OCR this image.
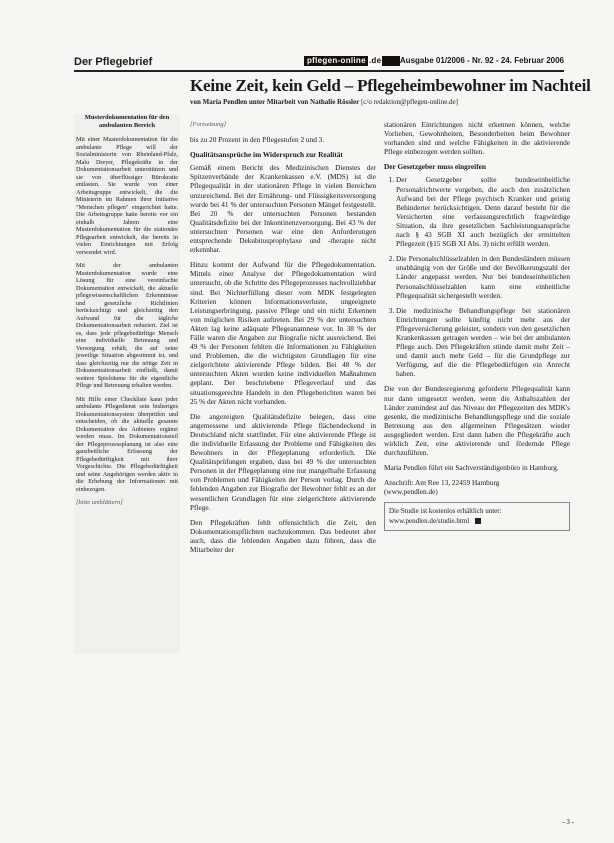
Der Pflegebrief	pflegen-online .de	Ausgabe 01/2006 - Nr. 92 - 24. Februar 2006
Keine Zeit, kein Geld – Pflegeheimbewohner im Nachteil
von Maria Pendlen unter Mitarbeit von Nathalie Rössler [c/o redaktion@pflegen-online.de]
Musterdokumentation für den ambulanten Bereich

Mit einer Musterdokumentation für die ambulante Pflege will der Sozialministerin von Rheinland-Pfalz, Malu Dreyer, Pflegekräfte in der Dokumentationsarbeit unterstützen und sie von überflüssiger Bürokratie entlasten. Sie wurde von einer Arbeitsgruppe entwickelt, die die Ministerin im Rahmen ihrer Initiative "Menschen pflegen" eingerichtet hatte. Die Arbeitsgruppe hatte bereits vor ein einhalb Jahren eine Musterdokumentation für die stationäre Pflegearbeit entwickelt, die bereits in vielen Einrichtungen mit Erfolg verwendet wird.

Mit der ambulanten Musterdokumentation wurde eine Lösung für eine vereinfachte Dokumentation entwickelt, die aktuelle pflegewissenschaftlichen Erkenntnisse und gesetzliche Richtlinien berücksichtigt und gleichzeitig den Aufwand für die tägliche Dokumentationsarbeit reduziert. Ziel ist es, dass jede pflegebedürftige Mensch eine individuelle Betreuung und Versorgung erhält, die auf seine jeweilige Situation abgestimmt ist, und dass gleichzeitig nur die nötige Zeit in Dokumentationsarbeit einfließt, damit weitere Spielräume für die eigentliche Pflege und Betreuung erhalten werden.

Mit Hilfe einer Checkliste kann jeder ambulante Pflegedienst sein bisheriges Dokumentationssystem überprüfen und entscheiden, ob die aktuelle gesamte Dokumentation des Anbieters ergänzt werden muss. Im Dokumentationsteil der Pflegeprozessplanung ist also eine ganzheitliche Erfassung der Pflegebedürftigkeit mit ihrer Vorgeschichte. Die Pflegebedürftigkeit und seine Angehörigen werden aktiv in die Erhebung der Informationen mit einbezogen.

[bitte umblättern]

[Fortsetzung]

bis zu 20 Prozent in den Pflegestufen 2 und 3.

Qualitätsansprüche im Widerspruch zur Realität

Gemäß einem Bericht des Medizinischen Dienstes der Spitzenverbände der Krankenkassen e.V. (MDS) ist die Pflegequalität in der stationären Pflege in vielen Bereichen unzureichend. Bei der Ernährung- und Flüssigkeitsversorgung wurde bei 41 % der untersuchten Personen Mängel festgestellt. Bei 20 % der untersuchten Personen bestanden Qualitätsdefizite bei der Inkontinenzversorgung. Bei 43 % der untersuchten Personen war eine den Anforderungen entsprechende Dekubitusprophylaxe und -therapie nicht erkennbar.

Hinzu kommt der Aufwand für die Pflegedokumentation. Mittels einer Analyse der Pflegedokumentation wird untersucht, ob die Schritte des Pflegeprozesses nachvollziehbar sind. Bei Nichterfüllung dieser vom MDK festgelegten Kriterien können Informationsverluste, ungeeignete Leistungserbringung, passive Pflege und ein nicht Erkennen von möglichen Risiken auftreten. Bei 29 % der untersuchten Akten lag keine adäquate Pflegeanamnese vor. In 38 % der Fälle waren die Angaben zur Biografie nicht ausreichend. Bei 49 % der Personen fehlten die Informationen zu Fähigkeiten und Problemen, die die wichtigsten Grundlagen für eine zielgerichtete aktivierende Pflege bilden. Bei 48 % der untersuchten Akten wurden keine individuellen Maßnahmen geplant. Der beschriebene Pflegeverlauf und das situationsgerechte Handeln in den Pflegeberichten waren bei 25 % der Akten nicht vorhanden.

Die angezeigten Qualitätsdefizite belegen, dass eine angemessene und aktivierende Pflege flächendeckend in Deutschland nicht stattfindet. Für eine aktivierende Pflege ist die individuelle Erfassung der Probleme und Fähigkeiten des Bewohners in der Pflegeplanung erforderlich. Die Qualitätsprüfungen ergaben, dass bei 49 % der untersuchten Personen in der Pflegeplanung eine nur mangelhafte Erfassung von Problemen und Fähigkeiten der Person vorlag. Durch die fehlenden Angaben zur Biografie der Bewohner fehlt es an der wesentlichen Grundlagen für eine zielgerichtete aktivierende Pflege.

Den Pflegekräften fehlt offensichtlich die Zeit, den Dokumentationspflichten nachzukommen. Das bedeutet aber auch, dass die fehlenden Angaben dazu führen, dass die Mitarbeiter der

stationären Einrichtungen nicht erkennen können, welche Vorlieben, Gewohnheiten, Besonderheiten beim Bewohner vorhanden sind und welche Fähigkeiten in die aktivierende Pflege einbezogen werden sollten.

Der Gesetzgeber muss eingreifen
1. Der Gesetzgeber sollte bundeseinheitliche Personalrichtwerte vorgeben, die auch den zusätzlichen Aufwand bei der Pflege psychisch Kranker und geistig Behinderter berücksichtigen. Denn darauf besteht für die Versicherten eine verfassungsrechtlich fragwürdige Situation, da ihre gesetzlichen Sachleistungsansprüche nach § 43 SGB XI auch bezüglich der ermittelten Pflegezeit (§15 SGB XI Abs. 3) nicht erfüllt werden.
2. Die Personalschlüsselzahlen in den Bundesländern müssen unabhängig von der Größe und der Bevölkerungszahl der Länder angepasst werden. Nur bei bundeseinheitlichen Personalschlüsselzahlen kann eine einheitliche Pflegequalität sichergestellt werden.
3. Die medizinische Behandlungspflege bei stationären Einrichtungen sollte künftig nicht mehr aus der Pflegeversicherung geleistet, sondern von den gesetzlichen Krankenkassen getragen werden – wie bei der ambulanten Pflege auch. Den Pflegekräften stünde damit mehr Zeit – und damit auch mehr Geld – für die Grundpflege zur Verfügung, auf die die Pflegebedürftigen ein Anrecht haben.

Die von der Bundesregierung geforderte Pflegequalität kann nur dann umgesetzt werden, wenn die Anhaltszahlen der Länder zumindest auf das Niveau der Pflegezeiten des MDK's gesenkt, die medizinische Behandlungspflege und die soziale Betreuung aus den allgemeinen Pflegesätzen wieder ausgegliedert werden. Erst dann haben die Pflegekräfte auch wirklich Zeit, eine aktivierende und fördernde Pflege durchzuführen.

Maria Pendlen führt ein Sachverständigenbüro in Hamburg.

Anschrift: Am Ree 13, 22459 Hamburg
(www.pendlen.de)

Die Studie ist kostenlos erhältlich unter:
www.pendlen.de/studie.html
- 3 -
